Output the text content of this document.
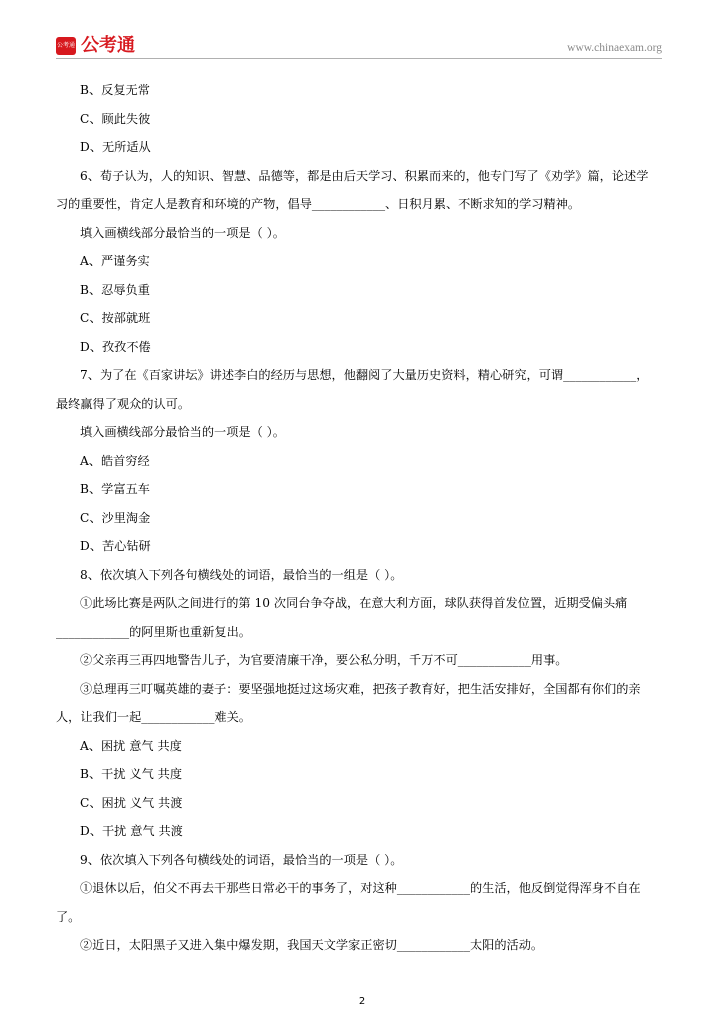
公考通 公考通	www.chinaexam.org
B、反复无常
C、顾此失彼
D、无所适从
6、荀子认为，人的知识、智慧、品德等，都是由后天学习、积累而来的，他专门写了《劝学》篇，论述学
习的重要性，肯定人是教育和环境的产物，倡导____________、日积月累、不断求知的学习精神。
填入画横线部分最恰当的一项是（ ）。
A、严谨务实
B、忍辱负重
C、按部就班
D、孜孜不倦
7、为了在《百家讲坛》讲述李白的经历与思想，他翻阅了大量历史资料，精心研究，可谓____________，
最终赢得了观众的认可。
填入画横线部分最恰当的一项是（ ）。
A、皓首穷经
B、学富五车
C、沙里淘金
D、苦心钻研
8、依次填入下列各句横线处的词语，最恰当的一组是（ ）。
①此场比赛是两队之间进行的第 10 次同台争夺战，在意大利方面，球队获得首发位置，近期受偏头痛
____________的阿里斯也重新复出。
②父亲再三再四地警告儿子，为官要清廉干净，要公私分明，千万不可____________用事。
③总理再三叮嘱英雄的妻子：要坚强地挺过这场灾难，把孩子教育好，把生活安排好，全国都有你们的亲
人，让我们一起____________难关。
A、困扰 意气 共度
B、干扰 义气 共度
C、困扰 义气 共渡
D、干扰 意气 共渡
9、依次填入下列各句横线处的词语，最恰当的一项是（ ）。
①退休以后，伯父不再去干那些日常必干的事务了，对这种____________的生活，他反倒觉得浑身不自在
了。
②近日，太阳黑子又进入集中爆发期，我国天文学家正密切____________太阳的活动。
2
